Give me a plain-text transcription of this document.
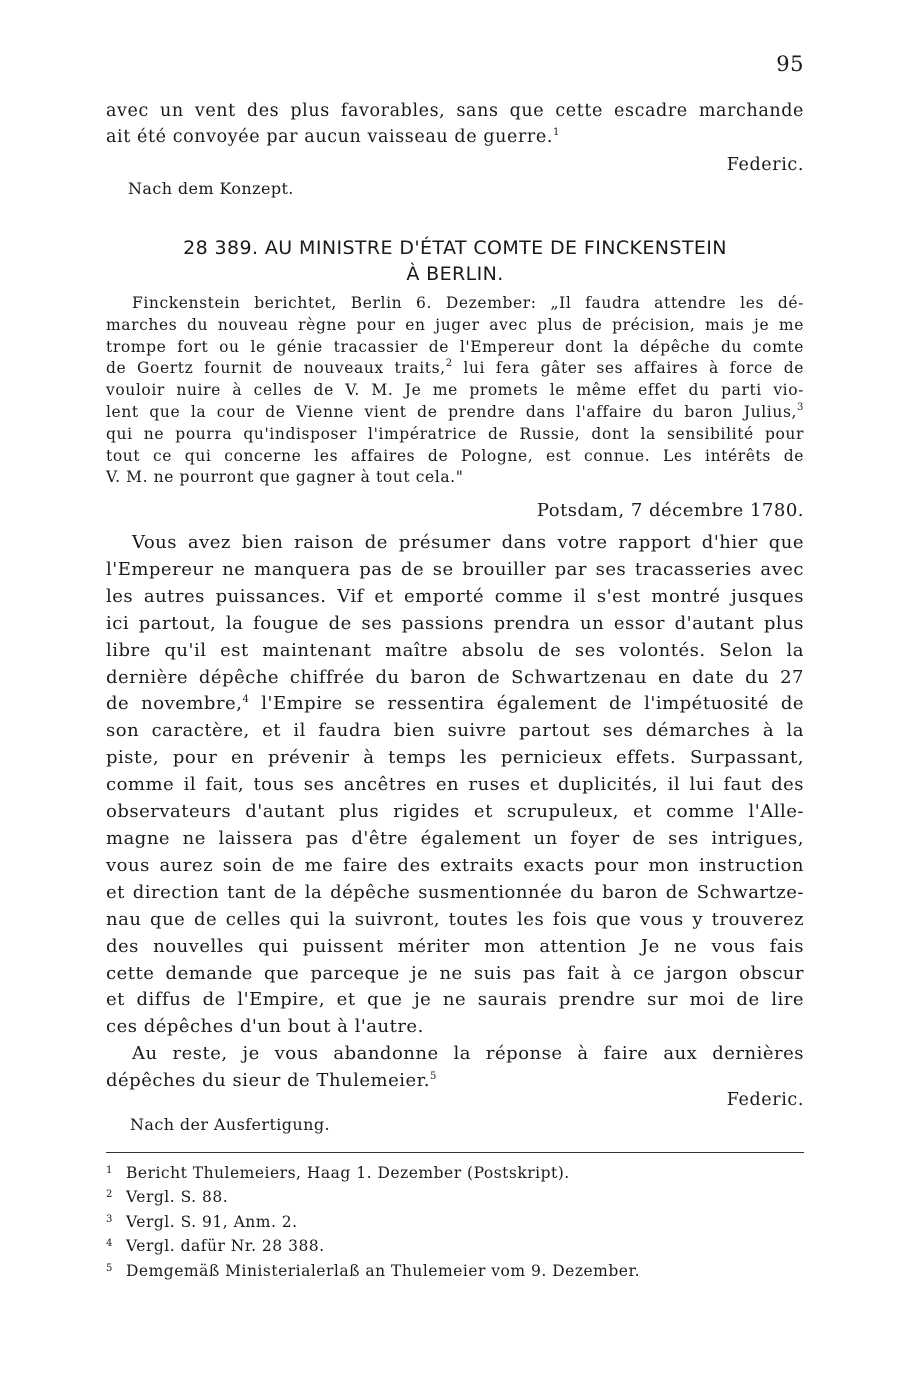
95
avec un vent des plus favorables, sans que cette escadre marchande
ait été convoyée par aucun vaisseau de guerre.$^1$
Federic.
Nach dem Konzept.
28 389. AU MINISTRE D'ÉTAT COMTE DE FINCKENSTEIN
À BERLIN.
Finckenstein berichtet, Berlin 6. Dezember: „Il faudra attendre les dé-
marches du nouveau règne pour en juger avec plus de précision, mais je me
trompe fort ou le génie tracassier de l'Empereur dont la dépêche du comte
de Goertz fournit de nouveaux traits,$^2$ lui fera gâter ses affaires à force de
vouloir nuire à celles de V. M. Je me promets le même effet du parti vio-
lent que la cour de Vienne vient de prendre dans l'affaire du baron Julius,$^3$
qui ne pourra qu'indisposer l'impératrice de Russie, dont la sensibilité pour
tout ce qui concerne les affaires de Pologne, est connue. Les intérêts de
V. M. ne pourront que gagner à tout cela."
Potsdam, 7 décembre 1780.
Vous avez bien raison de présumer dans votre rapport d'hier que
l'Empereur ne manquera pas de se brouiller par ses tracasseries avec
les autres puissances. Vif et emporté comme il s'est montré jusques
ici partout, la fougue de ses passions prendra un essor d'autant plus
libre qu'il est maintenant maître absolu de ses volontés. Selon la
dernière dépêche chiffrée du baron de Schwartzenau en date du 27
de novembre,$^4$ l'Empire se ressentira également de l'impétuosité de
son caractère, et il faudra bien suivre partout ses démarches à la
piste, pour en prévenir à temps les pernicieux effets. Surpassant,
comme il fait, tous ses ancêtres en ruses et duplicités, il lui faut des
observateurs d'autant plus rigides et scrupuleux, et comme l'Alle-
magne ne laissera pas d'être également un foyer de ses intrigues,
vous aurez soin de me faire des extraits exacts pour mon instruction
et direction tant de la dépêche susmentionnée du baron de Schwartze-
nau que de celles qui la suivront, toutes les fois que vous y trouverez
des nouvelles qui puissent mériter mon attention Je ne vous fais
cette demande que parceque je ne suis pas fait à ce jargon obscur
et diffus de l'Empire, et que je ne saurais prendre sur moi de lire
ces dépêches d'un bout à l'autre.
Au reste, je vous abandonne la réponse à faire aux dernières
dépêches du sieur de Thulemeier.$^5$
Federic.
Nach der Ausfertigung.
1 Bericht Thulemeiers, Haag 1. Dezember (Postskript).
2 Vergl. S. 88.
3 Vergl. S. 91, Anm. 2.
4 Vergl. dafür Nr. 28 388.
5 Demgemäß Ministerialerlaß an Thulemeier vom 9. Dezember.
